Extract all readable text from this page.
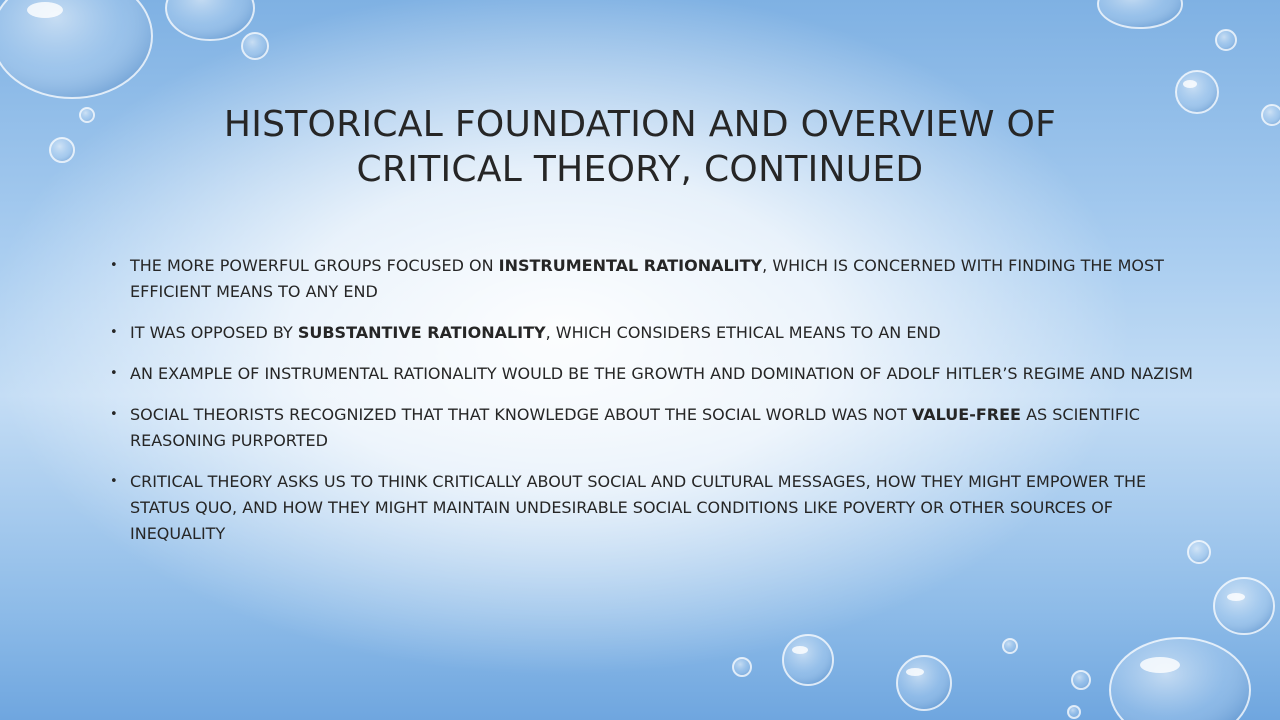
HISTORICAL FOUNDATION AND OVERVIEW OF
CRITICAL THEORY, CONTINUED
• THE MORE POWERFUL GROUPS FOCUSED ON INSTRUMENTAL RATIONALITY, WHICH IS CONCERNED WITH FINDING THE MOST EFFICIENT MEANS TO ANY END
• IT WAS OPPOSED BY SUBSTANTIVE RATIONALITY, WHICH CONSIDERS ETHICAL MEANS TO AN END
• AN EXAMPLE OF INSTRUMENTAL RATIONALITY WOULD BE THE GROWTH AND DOMINATION OF ADOLF HITLER’S REGIME AND NAZISM
• SOCIAL THEORISTS RECOGNIZED THAT THAT KNOWLEDGE ABOUT THE SOCIAL WORLD WAS NOT VALUE-FREE AS SCIENTIFIC REASONING PURPORTED
• CRITICAL THEORY ASKS US TO THINK CRITICALLY ABOUT SOCIAL AND CULTURAL MESSAGES, HOW THEY MIGHT EMPOWER THE STATUS QUO, AND HOW THEY MIGHT MAINTAIN UNDESIRABLE SOCIAL CONDITIONS LIKE POVERTY OR OTHER SOURCES OF INEQUALITY
